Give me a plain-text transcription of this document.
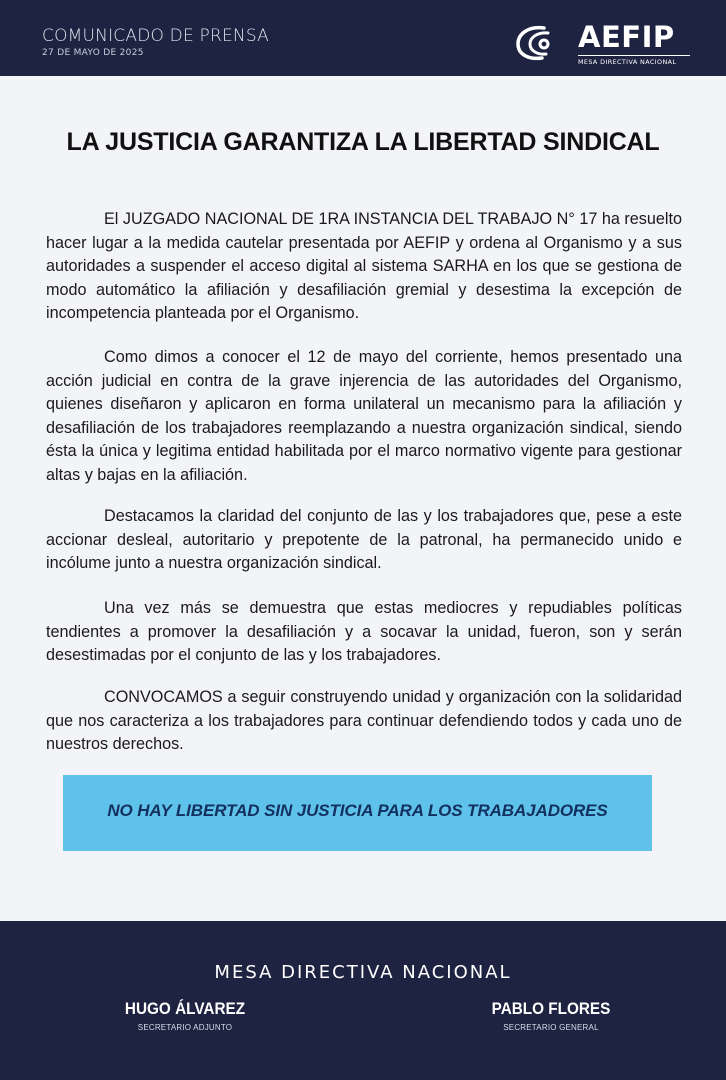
COMUNICADO DE PRENSA
27 DE MAYO DE 2025	AEFIP
MESA DIRECTIVA NACIONAL
LA JUSTICIA GARANTIZA LA LIBERTAD SINDICAL

El JUZGADO NACIONAL DE 1RA INSTANCIA DEL TRABAJO N° 17 ha resuelto hacer lugar a la medida cautelar presentada por AEFIP y ordena al Organismo y a sus autoridades a suspender el acceso digital al sistema SARHA en los que se gestiona de modo automático la afiliación y desafiliación gremial y desestima la excepción de incompetencia planteada por el Organismo.

Como dimos a conocer el 12 de mayo del corriente, hemos presentado una acción judicial en contra de la grave injerencia de las autoridades del Organismo, quienes diseñaron y aplicaron en forma unilateral un mecanismo para la afiliación y desafiliación de los trabajadores reemplazando a nuestra organización sindical, siendo ésta la única y legitima entidad habilitada por el marco normativo vigente para gestionar altas y bajas en la afiliación.

Destacamos la claridad del conjunto de las y los trabajadores que, pese a este accionar desleal, autoritario y prepotente de la patronal, ha permanecido unido e incólume junto a nuestra organización sindical.

Una vez más se demuestra que estas mediocres y repudiables políticas tendientes a promover la desafiliación y a socavar la unidad, fueron, son y serán desestimadas por el conjunto de las y los trabajadores.

CONVOCAMOS a seguir construyendo unidad y organización con la solidaridad que nos caracteriza a los trabajadores para continuar defendiendo todos y cada uno de nuestros derechos.

NO HAY LIBERTAD SIN JUSTICIA PARA LOS TRABAJADORES
MESA DIRECTIVA NACIONAL
HUGO ÁLVAREZ
SECRETARIO ADJUNTO
PABLO FLORES
SECRETARIO GENERAL
